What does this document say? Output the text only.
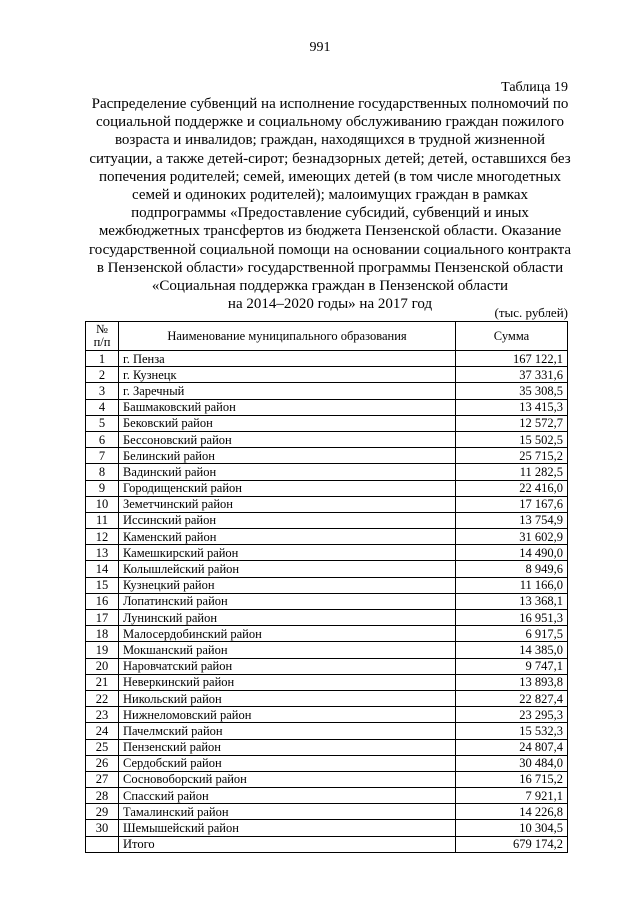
991
Таблица 19
Распределение субвенций на исполнение государственных полномочий по
социальной поддержке и социальному обслуживанию граждан пожилого
возраста и инвалидов; граждан, находящихся в трудной жизненной
ситуации, а также детей-сирот; безнадзорных детей; детей, оставшихся без
попечения родителей; семей, имеющих детей (в том числе многодетных
семей и одиноких родителей); малоимущих граждан в рамках
подпрограммы «Предоставление субсидий, субвенций и иных
межбюджетных трансфертов из бюджета Пензенской области. Оказание
государственной социальной помощи на основании социального контракта
в Пензенской области» государственной программы Пензенской области
«Социальная поддержка граждан в Пензенской области
на 2014–2020 годы» на 2017 год
(тыс. рублей)
№
п/п	Наименование муниципального образования	Сумма
1	г. Пенза	167 122,1
2	г. Кузнецк	37 331,6
3	г. Заречный	35 308,5
4	Башмаковский район	13 415,3
5	Бековский район	12 572,7
6	Бессоновский район	15 502,5
7	Белинский район	25 715,2
8	Вадинский район	11 282,5
9	Городищенский район	22 416,0
10	Земетчинский район	17 167,6
11	Иссинский район	13 754,9
12	Каменский район	31 602,9
13	Камешкирский район	14 490,0
14	Колышлейский район	8 949,6
15	Кузнецкий район	11 166,0
16	Лопатинский район	13 368,1
17	Лунинский район	16 951,3
18	Малосердобинский район	6 917,5
19	Мокшанский район	14 385,0
20	Наровчатский район	9 747,1
21	Неверкинский район	13 893,8
22	Никольский район	22 827,4
23	Нижнеломовский район	23 295,3
24	Пачелмский район	15 532,3
25	Пензенский район	24 807,4
26	Сердобский район	30 484,0
27	Сосновоборский район	16 715,2
28	Спасский район	7 921,1
29	Тамалинский район	14 226,8
30	Шемышейский район	10 304,5
	Итого	679 174,2
